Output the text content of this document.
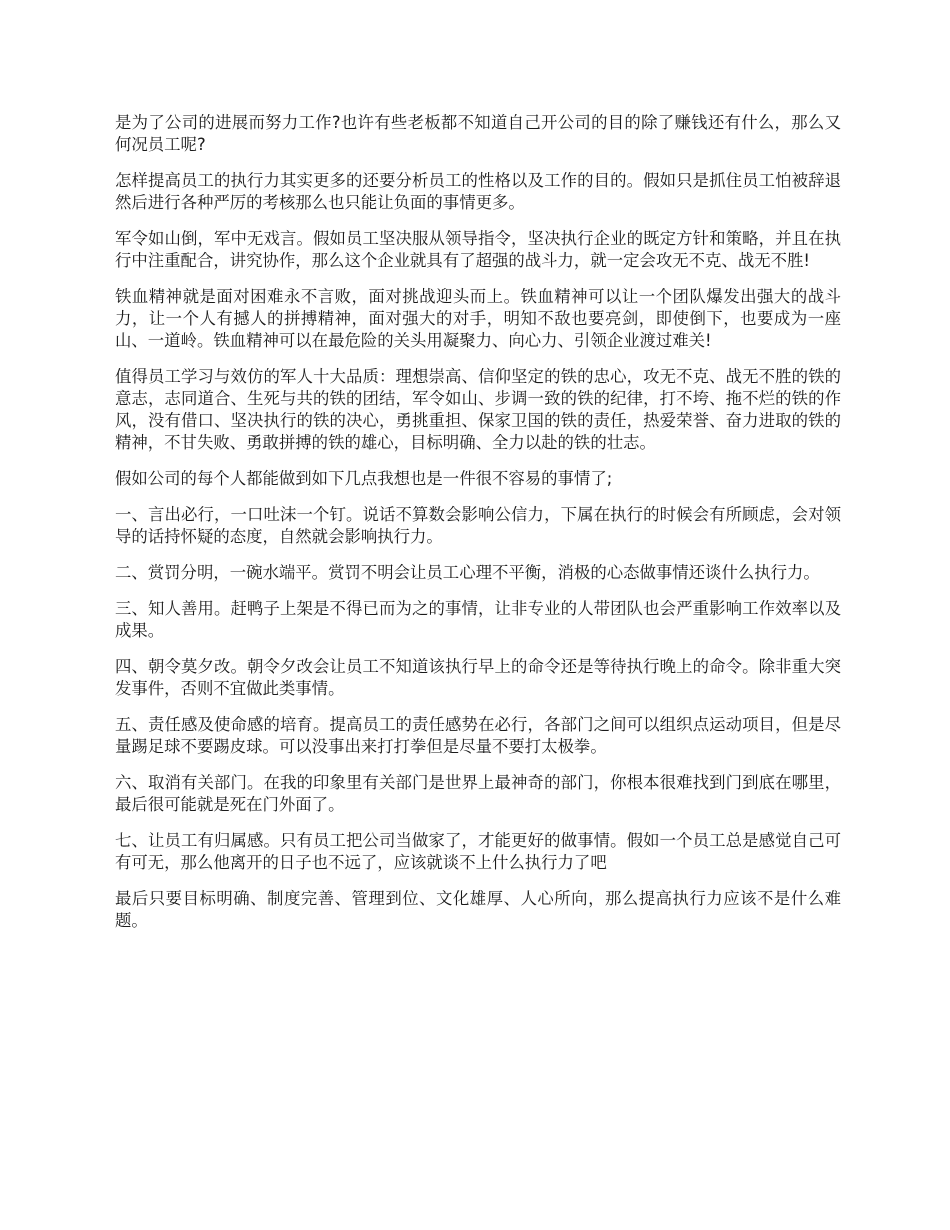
是为了公司的进展而努力工作?也许有些老板都不知道自己开公司的目的除了赚钱还有什么，那么又何况员工呢?

怎样提高员工的执行力其实更多的还要分析员工的性格以及工作的目的。假如只是抓住员工怕被辞退然后进行各种严厉的考核那么也只能让负面的事情更多。

军令如山倒，军中无戏言。假如员工坚决服从领导指令，坚决执行企业的既定方针和策略，并且在执行中注重配合，讲究协作，那么这个企业就具有了超强的战斗力，就一定会攻无不克、战无不胜!

铁血精神就是面对困难永不言败，面对挑战迎头而上。铁血精神可以让一个团队爆发出强大的战斗力，让一个人有撼人的拼搏精神，面对强大的对手，明知不敌也要亮剑，即使倒下，也要成为一座山、一道岭。铁血精神可以在最危险的关头用凝聚力、向心力、引领企业渡过难关!

值得员工学习与效仿的军人十大品质：理想崇高、信仰坚定的铁的忠心，攻无不克、战无不胜的铁的意志，志同道合、生死与共的铁的团结，军令如山、步调一致的铁的纪律，打不垮、拖不烂的铁的作风，没有借口、坚决执行的铁的决心，勇挑重担、保家卫国的铁的责任，热爱荣誉、奋力进取的铁的精神，不甘失败、勇敢拼搏的铁的雄心，目标明确、全力以赴的铁的壮志。

假如公司的每个人都能做到如下几点我想也是一件很不容易的事情了;

一、言出必行，一口吐沫一个钉。说话不算数会影响公信力，下属在执行的时候会有所顾虑，会对领导的话持怀疑的态度，自然就会影响执行力。

二、赏罚分明，一碗水端平。赏罚不明会让员工心理不平衡，消极的心态做事情还谈什么执行力。

三、知人善用。赶鸭子上架是不得已而为之的事情，让非专业的人带团队也会严重影响工作效率以及成果。

四、朝令莫夕改。朝令夕改会让员工不知道该执行早上的命令还是等待执行晚上的命令。除非重大突发事件，否则不宜做此类事情。

五、责任感及使命感的培育。提高员工的责任感势在必行，各部门之间可以组织点运动项目，但是尽量踢足球不要踢皮球。可以没事出来打打拳但是尽量不要打太极拳。

六、取消有关部门。在我的印象里有关部门是世界上最神奇的部门，你根本很难找到门到底在哪里，最后很可能就是死在门外面了。

七、让员工有归属感。只有员工把公司当做家了，才能更好的做事情。假如一个员工总是感觉自己可有可无，那么他离开的日子也不远了，应该就谈不上什么执行力了吧

最后只要目标明确、制度完善、管理到位、文化雄厚、人心所向，那么提高执行力应该不是什么难题。
